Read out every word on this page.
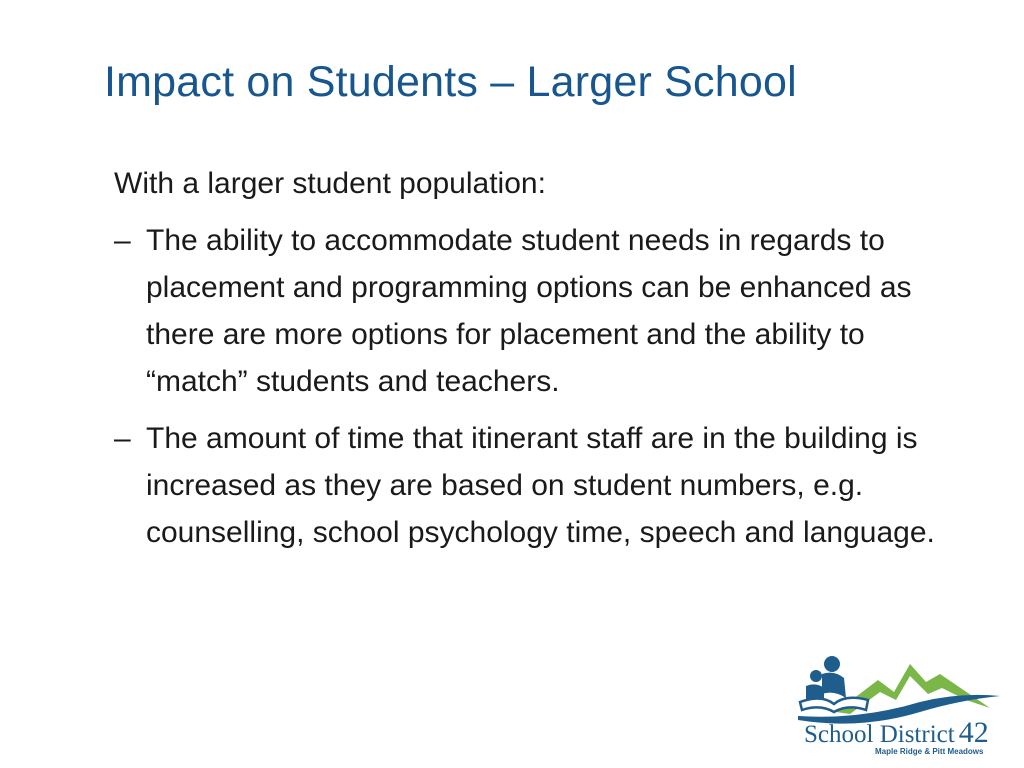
Impact on Students – Larger School

With a larger student population:

– The ability to accommodate student needs in regards to placement and programming options can be enhanced as there are more options for placement and the ability to “match” students and teachers.
– The amount of time that itinerant staff are in the building is increased as they are based on student numbers, e.g. counselling, school psychology time, speech and language.
School District 42
Maple Ridge & Pitt Meadows
